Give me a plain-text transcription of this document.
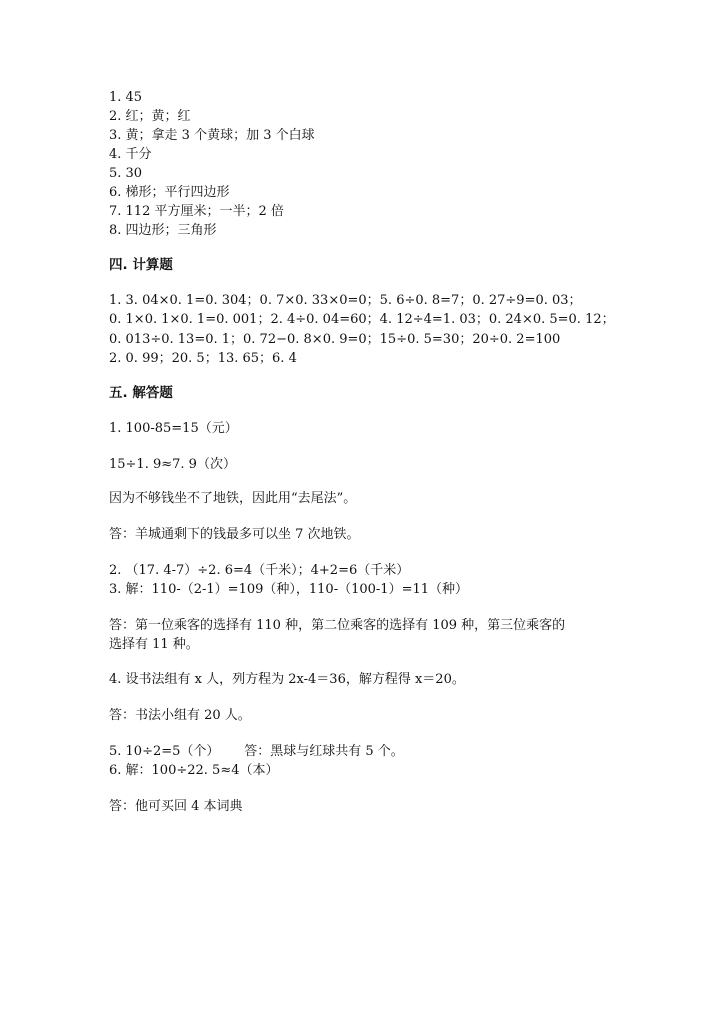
1. 45
2. 红；黄；红
3. 黄；拿走 3 个黄球；加 3 个白球
4. 千分
5. 30
6. 梯形；平行四边形
7. 112 平方厘米；一半；2 倍
8. 四边形；三角形
四. 计算题
1. 3. 04×0. 1=0. 304；0. 7×0. 33×0=0；5. 6÷0. 8=7；0. 27÷9=0. 03；
0. 1×0. 1×0. 1=0. 001；2. 4÷0. 04=60；4. 12÷4=1. 03；0. 24×0. 5=0. 12；
0. 013÷0. 13=0. 1；0. 72−0. 8×0. 9=0；15÷0. 5=30；20÷0. 2=100
2. 0. 99；20. 5；13. 65；6. 4
五. 解答题
1. 100-85=15（元）
15÷1. 9≈7. 9（次）
因为不够钱坐不了地铁，因此用“去尾法”。
答：羊城通剩下的钱最多可以坐 7 次地铁。
2. （17. 4-7）÷2. 6=4（千米）；4+2=6（千米）
3. 解：110-（2-1）=109（种），110-（100-1）=11（种）
答：第一位乘客的选择有 110 种，第二位乘客的选择有 109 种，第三位乘客的
选择有 11 种。
4. 设书法组有 x 人，列方程为 2x-4＝36，解方程得 x＝20。
答：书法小组有 20 人。
5. 10÷2=5（个）      答：黑球与红球共有 5 个。
6. 解：100÷22. 5≈4（本）
答：他可买回 4 本词典
